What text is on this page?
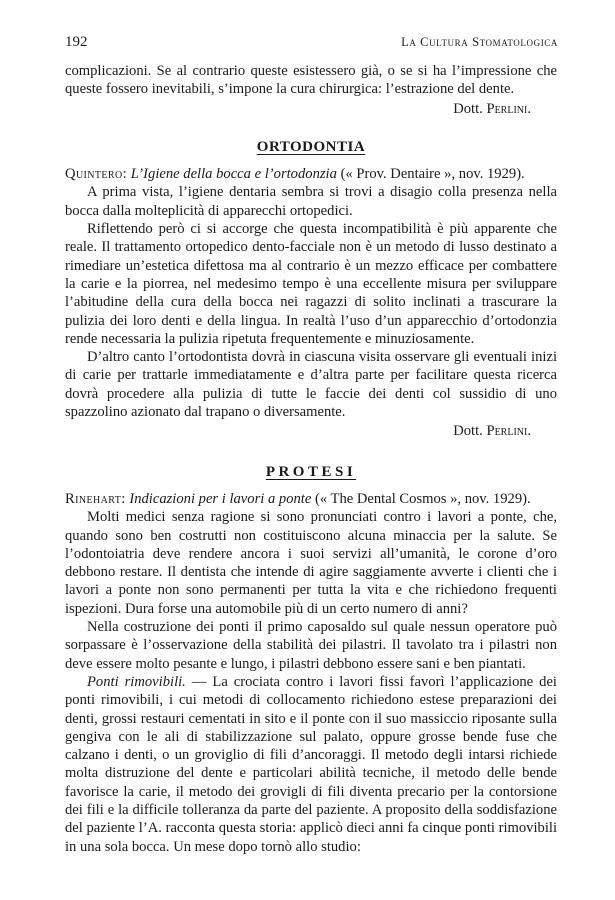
192	La Cultura Stomatologica

complicazioni. Se al contrario queste esistessero già, o se si ha l’impressione che queste fossero inevitabili, s’impone la cura chirurgica: l’estrazione del dente.

Dott. Perlini.

ORTODONTIA

Quintero: L’Igiene della bocca e l’ortodonzia (« Prov. Dentaire », nov. 1929).

A prima vista, l’igiene dentaria sembra si trovi a disagio colla presenza nella bocca dalla molteplicità di apparecchi ortopedici.

Riflettendo però ci si accorge che questa incompatibilità è più apparente che reale. Il trattamento ortopedico dento-facciale non è un metodo di lusso destinato a rimediare un’estetica difettosa ma al contrario è un mezzo efficace per combattere la carie e la piorrea, nel medesimo tempo è una eccellente misura per sviluppare l’abitudine della cura della bocca nei ragazzi di solito inclinati a trascurare la pulizia dei loro denti e della lingua. In realtà l’uso d’un apparecchio d’ortodonzia rende necessaria la pulizia ripetuta frequentemente e minuziosamente.

D’altro canto l’ortodontista dovrà in ciascuna visita osservare gli eventuali inizi di carie per trattarle immediatamente e d’altra parte per facilitare questa ricerca dovrà procedere alla pulizia di tutte le faccie dei denti col sussidio di uno spazzolino azionato dal trapano o diversamente.

Dott. Perlini.

PROTESI

Rinehart: Indicazioni per i lavori a ponte (« The Dental Cosmos », nov. 1929).

Molti medici senza ragione si sono pronunciati contro i lavori a ponte, che, quando sono ben costrutti non costituiscono alcuna minaccia per la salute. Se l’odontoiatria deve rendere ancora i suoi servizi all’umanità, le corone d’oro debbono restare. Il dentista che intende di agire saggiamente avverte i clienti che i lavori a ponte non sono permanenti per tutta la vita e che richiedono frequenti ispezioni. Dura forse una automobile più di un certo numero di anni?

Nella costruzione dei ponti il primo caposaldo sul quale nessun operatore può sorpassare è l’osservazione della stabilità dei pilastri. Il tavolato tra i pilastri non deve essere molto pesante e lungo, i pilastri debbono essere sani e ben piantati.

Ponti rimovibili. — La crociata contro i lavori fissi favorì l’applicazione dei ponti rimovibili, i cui metodi di collocamento richiedono estese preparazioni dei denti, grossi restauri cementati in sito e il ponte con il suo massiccio riposante sulla gengiva con le ali di stabilizzazione sul palato, oppure grosse bende fuse che calzano i denti, o un groviglio di fili d’ancoraggi. Il metodo degli intarsi richiede molta distruzione del dente e particolari abilità tecniche, il metodo delle bende favorisce la carie, il metodo dei grovigli di fili diventa precario per la contorsione dei fili e la difficile tolleranza da parte del paziente. A proposito della soddisfazione del paziente l’A. racconta questa storia: applicò dieci anni fa cinque ponti rimovibili in una sola bocca. Un mese dopo tornò allo studio:
